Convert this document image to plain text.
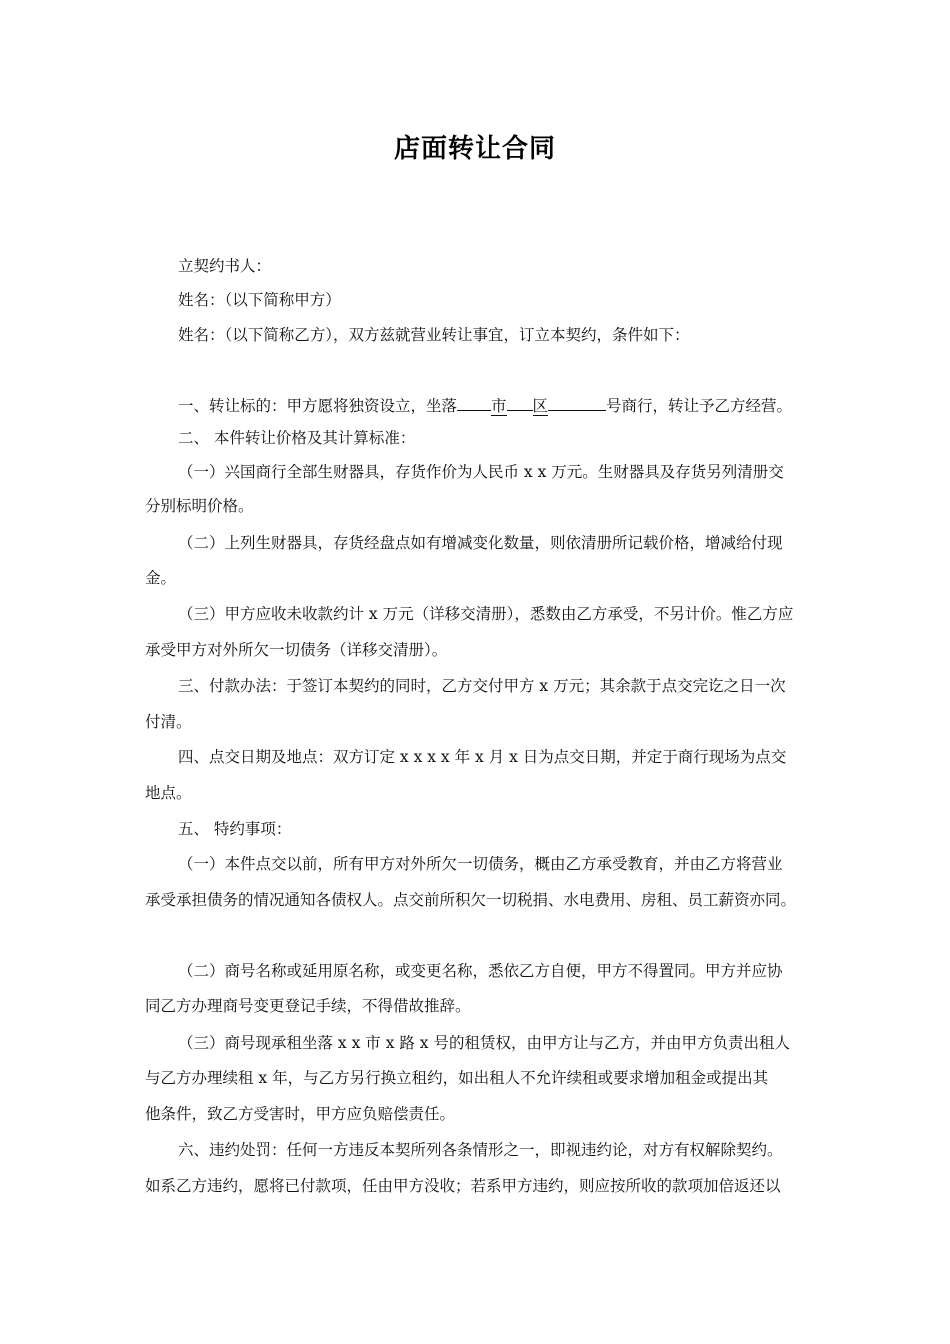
店面转让合同
立契约书人：
姓名：（以下简称甲方）
姓名：（以下简称乙方），双方兹就营业转让事宜，订立本契约，条件如下：
一、转让标的：甲方愿将独资设立，坐落 市 区	号商行，转让予乙方经营。
二、 本件转让价格及其计算标准：
（一）兴国商行全部生财器具，存货作价为人民币 x x 万元。生财器具及存货另列清册交
分别标明价格。
（二）上列生财器具，存货经盘点如有增减变化数量，则依清册所记载价格，增减给付现
金。
（三）甲方应收未收款约计 x 万元（详移交清册），悉数由乙方承受，不另计价。惟乙方应
承受甲方对外所欠一切债务（详移交清册）。
三、付款办法：于签订本契约的同时，乙方交付甲方 x 万元；其余款于点交完讫之日一次
付清。
四、点交日期及地点：双方订定 x x x x 年 x 月 x 日为点交日期，并定于商行现场为点交
地点。
五、 特约事项：
（一）本件点交以前，所有甲方对外所欠一切债务，概由乙方承受教育，并由乙方将营业
承受承担债务的情况通知各债权人。点交前所积欠一切税捐、水电费用、房租、员工薪资亦同。
（二）商号名称或延用原名称，或变更名称，悉依乙方自便，甲方不得置同。甲方并应协
同乙方办理商号变更登记手续，不得借故推辞。
（三）商号现承租坐落 x x 市 x 路 x 号的租赁权，由甲方让与乙方，并由甲方负责出租人
与乙方办理续租 x 年，与乙方另行换立租约，如出租人不允许续租或要求增加租金或提出其
他条件，致乙方受害时，甲方应负赔偿责任。
六、违约处罚：任何一方违反本契所列各条情形之一，即视违约论，对方有权解除契约。
如系乙方违约，愿将已付款项，任由甲方没收；若系甲方违约，则应按所收的款项加倍返还以
